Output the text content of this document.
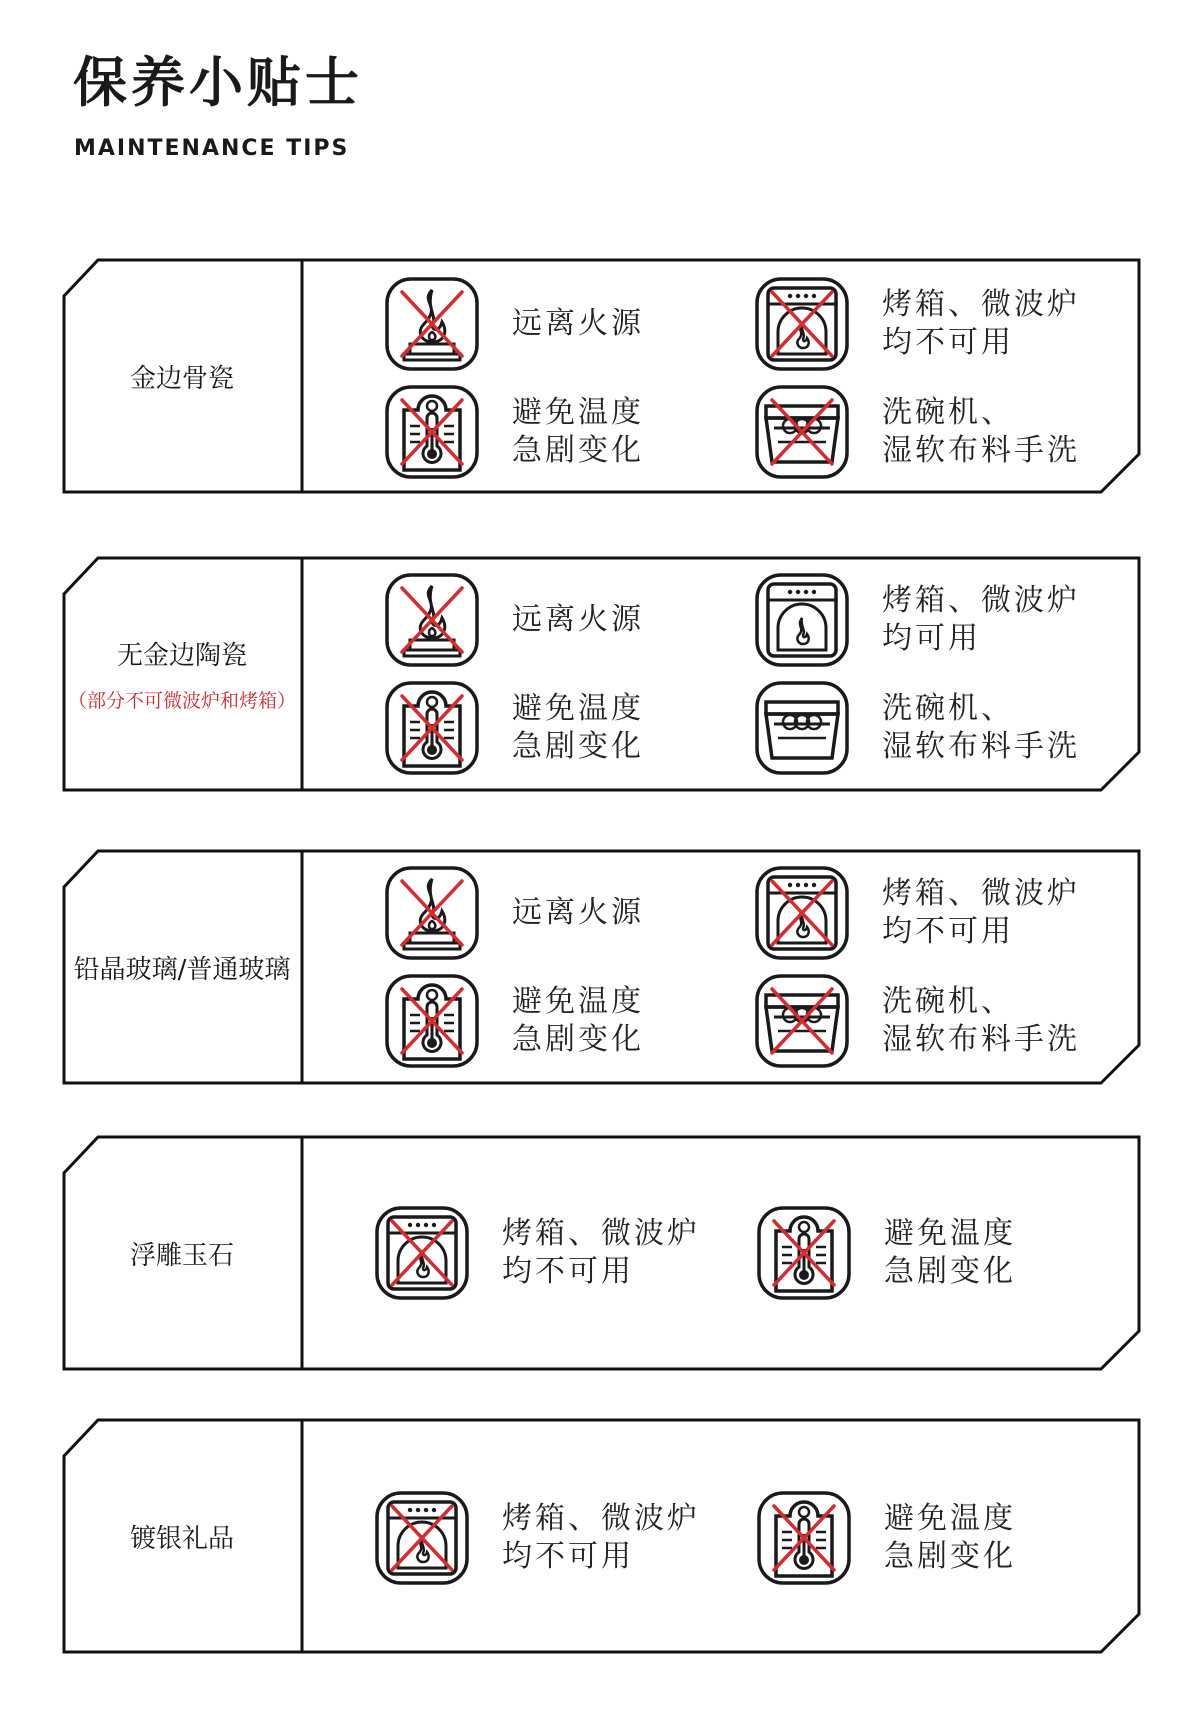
保养小贴士
MAINTENANCE TIPS
金边骨瓷
远离火源
烤箱、微波炉
均不可用
避免温度
急剧变化
洗碗机、
湿软布料手洗
无金边陶瓷
（部分不可微波炉和烤箱）
远离火源
烤箱、微波炉
均可用
避免温度
急剧变化
洗碗机、
湿软布料手洗
铅晶玻璃/普通玻璃
远离火源
烤箱、微波炉
均不可用
避免温度
急剧变化
洗碗机、
湿软布料手洗
浮雕玉石
烤箱、微波炉
均不可用
避免温度
急剧变化
镀银礼品
烤箱、微波炉
均不可用
避免温度
急剧变化
